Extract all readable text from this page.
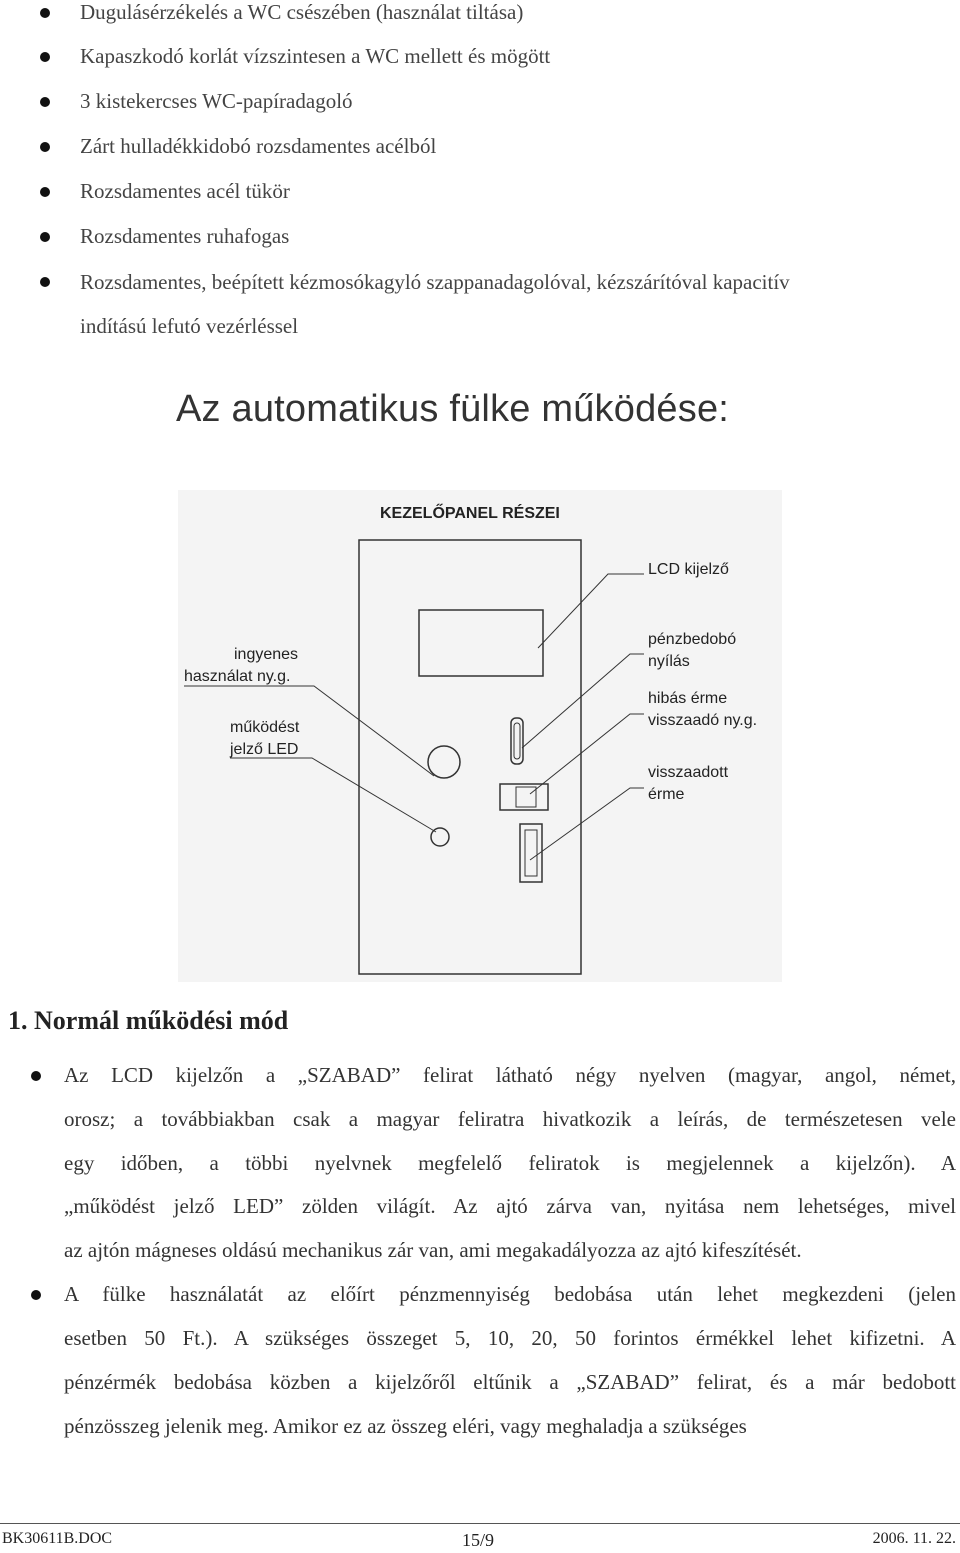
Dugulásérzékelés a WC csészében (használat tiltása)
Kapaszkodó korlát vízszintesen a WC mellett és mögött
3 kistekercses WC-papíradagoló
Zárt hulladékkidobó rozsdamentes acélból
Rozsdamentes acél tükör
Rozsdamentes ruhafogas
Rozsdamentes, beépített kézmosókagyló szappanadagolóval, kézszárítóval kapacitív
indítású lefutó vezérléssel
Az automatikus fülke működése:
KEZELŐPANEL RÉSZEI
LCD kijelző
pénzbedobó
nyílás
hibás érme
visszaadó ny.g.
visszaadott
érme
ingyenes
használat ny.g.
működést
jelző LED
1. Normál működési mód

Az LCD kijelzőn a „SZABAD” felirat látható négy nyelven (magyar, angol, német,

orosz; a továbbiakban csak a magyar feliratra hivatkozik a leírás, de természetesen vele

egy időben, a többi nyelvnek megfelelő feliratok is megjelennek a kijelzőn). A

„működést jelző LED” zölden világít. Az ajtó zárva van, nyitása nem lehetséges, mivel

az ajtón mágneses oldású mechanikus zár van, ami megakadályozza az ajtó kifeszítését.

A fülke használatát az előírt pénzmennyiség bedobása után lehet megkezdeni (jelen

esetben 50 Ft.). A szükséges összeget 5, 10, 20, 50 forintos érmékkel lehet kifizetni. A

pénzérmék bedobása közben a kijelzőről eltűnik a „SZABAD” felirat, és a már bedobott

pénzösszeg jelenik meg. Amikor ez az összeg eléri, vagy meghaladja a szükséges

BK30611B.DOC	15/9	2006. 11. 22.
